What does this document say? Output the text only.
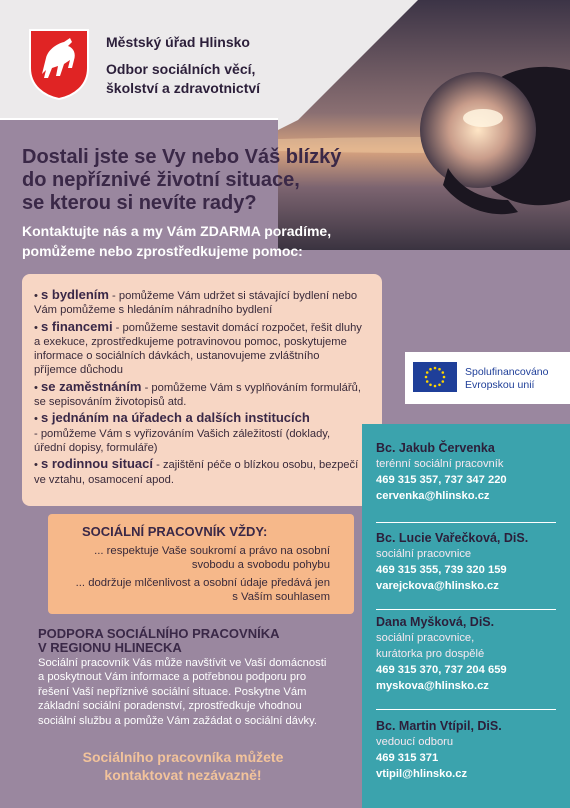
Městský úřad Hlinsko
Odbor sociálních věcí,
školství a zdravotnictví
Dostali jste se Vy nebo Váš blízký
do nepříznivé životní situace,
se kterou si nevíte rady?
Kontaktujte nás a my Vám ZDARMA poradíme,
pomůžeme nebo zprostředkujeme pomoc:
• s bydlením - pomůžeme Vám udržet si stávající bydlení nebo Vám pomůžeme s hledáním náhradního bydlení
• s financemi - pomůžeme sestavit domácí rozpočet, řešit dluhy a exekuce, zprostředkujeme potravinovou pomoc, poskytujeme informace o sociálních dávkách, ustanovujeme zvláštního příjemce důchodu
• se zaměstnáním - pomůžeme Vám s vyplňováním formulářů, se sepisováním životopisů atd.
• s jednáním na úřadech a dalších institucích
- pomůžeme Vám s vyřizováním Vašich záležitostí (doklady, úřední dopisy, formuláře)
• s rodinnou situací - zajištění péče o blízkou osobu, bezpečí ve vztahu, osamocení apod.
SOCIÁLNÍ PRACOVNÍK VŽDY:
... respektuje Vaše soukromí a právo na osobní
svobodu a svobodu pohybu
... dodržuje mlčenlivost a osobní údaje předává jen
s Vaším souhlasem
PODPORA SOCIÁLNÍHO PRACOVNÍKA
V REGIONU HLINECKA
Sociální pracovník Vás může navštívit ve Vaší domácnosti a poskytnout Vám informace a potřebnou podporu pro řešení Vaší nepříznivé sociální situace. Poskytne Vám základní sociální poradenství, zprostředkuje vhodnou sociální službu a pomůže Vám zažádat o sociální dávky.
Sociálního pracovníka můžete
kontaktovat nezávazně!
Spolufinancováno
Evropskou unií
Bc. Jakub Červenka
terénní sociální pracovník
469 315 357, 737 347 220
cervenka@hlinsko.cz
Bc. Lucie Vařečková, DiS.
sociální pracovnice
469 315 355, 739 320 159
varejckova@hlinsko.cz
Dana Myšková, DiS.
sociální pracovnice,
kurátorka pro dospělé
469 315 370, 737 204 659
myskova@hlinsko.cz
Bc. Martin Vtípil, DiS.
vedoucí odboru
469 315 371
vtipil@hlinsko.cz
